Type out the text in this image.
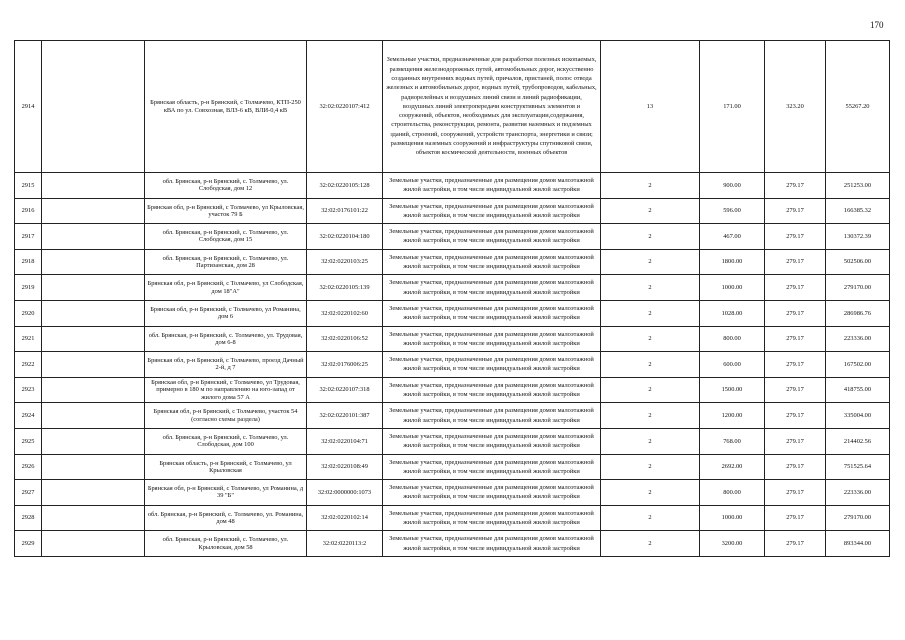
170
2914		Брянская область, р-н Брянский, с Толмачево, КТП-250 кВА по ул. Совхозная, ВЛЗ-6 кВ, ВЛИ-0,4 кВ	32:02:0220107:412	Земельные участки, предназначенные для разработки полезных ископаемых, размещения железнодорожных путей, автомобильных дорог, искусственно созданных внутренних водных путей, причалов, пристаней, полос отвода железных и автомобильных дорог, водных путей, трубопроводов, кабельных, радиорелейных и воздушных линий связи и линий радиофикации, воздушных линий электропередачи конструктивных элементов и сооружений, объектов, необходимых для эксплуатации,содержания, строительства, реконструкции, ремонта, развития наземных и подземных зданий, строений, сооружений, устройств транспорта, энергетики и связи; размещения наземных сооружений и инфраструктуры спутниковой связи, объектов космической деятельности, военных объектов	13	171.00	323.20	55267.20
2915		обл. Брянская, р-н Брянский, с. Толмачево, ул. Слободская, дом 12	32:02:0220105:128	Земельные участки, предназначенные для размещения домов малоэтажной жилой застройки, в том числе индивидуальной жилой застройки	2	900.00	279.17	251253.00
2916		Брянская обл, р-н Брянский, с Толмачево, ул Крыловская, участок 79 Б	32:02:0176101:22	Земельные участки, предназначенные для размещения домов малоэтажной жилой застройки, в том числе индивидуальной жилой застройки	2	596.00	279.17	166385.32
2917		обл. Брянская, р-н Брянский, с. Толмачево, ул. Слободская, дом 15	32:02:0220104:180	Земельные участки, предназначенные для размещения домов малоэтажной жилой застройки, в том числе индивидуальной жилой застройки	2	467.00	279.17	130372.39
2918		обл. Брянская, р-н Брянский, с. Толмачево, ул. Партизанская, дом 28	32:02:0220103:25	Земельные участки, предназначенные для размещения домов малоэтажной жилой застройки, в том числе индивидуальной жилой застройки	2	1800.00	279.17	502506.00
2919		Брянская обл, р-н Брянский, с Толмачево, ул Слободская, дом 18"А"	32:02:0220105:139	Земельные участки, предназначенные для размещения домов малоэтажной жилой застройки, в том числе индивидуальной жилой застройки	2	1000.00	279.17	279170.00
2920		Брянская обл, р-н Брянский, с Толмачево, ул Романина, дом 6	32:02:0220102:60	Земельные участки, предназначенные для размещения домов малоэтажной жилой застройки, в том числе индивидуальной жилой застройки	2	1028.00	279.17	286986.76
2921		обл. Брянская, р-н Брянский, с. Толмачево, ул. Трудовая, дом 6-8	32:02:0220106:52	Земельные участки, предназначенные для размещения домов малоэтажной жилой застройки, в том числе индивидуальной жилой застройки	2	800.00	279.17	223336.00
2922		Брянская обл, р-н Брянский, с Толмачево, проезд Дачный 2-й, д 7	32:02:0176006:25	Земельные участки, предназначенные для размещения домов малоэтажной жилой застройки, в том числе индивидуальной жилой застройки	2	600.00	279.17	167502.00
2923		Брянская обл, р-н Брянский, с Толмачево, ул Трудовая, примерно в 180 м по направлению на юго-запад от жилого дома 57 А	32:02:0220107:318	Земельные участки, предназначенные для размещения домов малоэтажной жилой застройки, в том числе индивидуальной жилой застройки	2	1500.00	279.17	418755.00
2924		Брянская обл, р-н Брянский, с Толмачево, участок 54 (согласно схемы раздела)	32:02:0220101:387	Земельные участки, предназначенные для размещения домов малоэтажной жилой застройки, в том числе индивидуальной жилой застройки	2	1200.00	279.17	335004.00
2925		обл. Брянская, р-н Брянский, с. Толмачево, ул. Слободская, дом 100	32:02:0220104:71	Земельные участки, предназначенные для размещения домов малоэтажной жилой застройки, в том числе индивидуальной жилой застройки	2	768.00	279.17	214402.56
2926		Брянская область, р-н Брянский, с Толмачево, ул Крыловская	32:02:0220108:49	Земельные участки, предназначенные для размещения домов малоэтажной жилой застройки, в том числе индивидуальной жилой застройки	2	2692.00	279.17	751525.64
2927		Брянская обл, р-н Брянский, с Толмачево, ул Романина, д 39 "Б"	32:02:0000000:1073	Земельные участки, предназначенные для размещения домов малоэтажной жилой застройки, в том числе индивидуальной жилой застройки	2	800.00	279.17	223336.00
2928		обл. Брянская, р-н Брянский, с. Толмачево, ул. Романина, дом 48	32:02:0220102:14	Земельные участки, предназначенные для размещения домов малоэтажной жилой застройки, в том числе индивидуальной жилой застройки	2	1000.00	279.17	279170.00
2929		обл. Брянская, р-н Брянский, с. Толмачево, ул. Крыловская, дом 58	32:02:0220113:2	Земельные участки, предназначенные для размещения домов малоэтажной жилой застройки, в том числе индивидуальной жилой застройки	2	3200.00	279.17	893344.00
